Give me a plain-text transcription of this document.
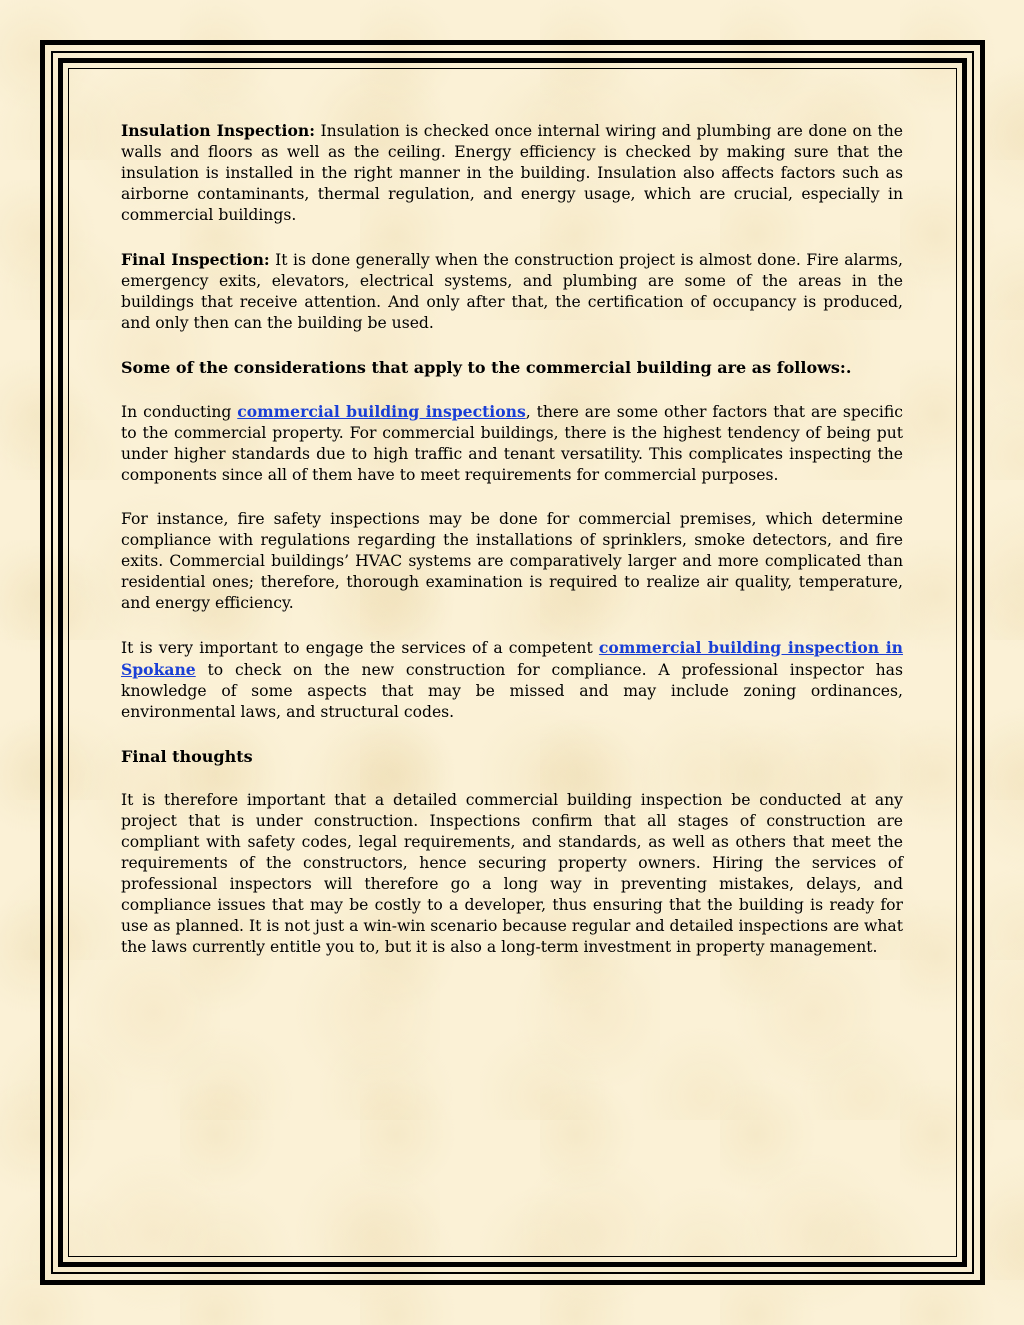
Insulation Inspection: Insulation is checked once internal wiring and plumbing are done on the walls and floors as well as the ceiling. Energy efficiency is checked by making sure that the insulation is installed in the right manner in the building. Insulation also affects factors such as airborne contaminants, thermal regulation, and energy usage, which are crucial, especially in commercial buildings.

Final Inspection: It is done generally when the construction project is almost done. Fire alarms, emergency exits, elevators, electrical systems, and plumbing are some of the areas in the buildings that receive attention. And only after that, the certification of occupancy is produced, and only then can the building be used.

Some of the considerations that apply to the commercial building are as follows:.

In conducting commercial building inspections, there are some other factors that are specific to the commercial property. For commercial buildings, there is the highest tendency of being put under higher standards due to high traffic and tenant versatility. This complicates inspecting the components since all of them have to meet requirements for commercial purposes.

For instance, fire safety inspections may be done for commercial premises, which determine compliance with regulations regarding the installations of sprinklers, smoke detectors, and fire exits. Commercial buildings’ HVAC systems are comparatively larger and more complicated than residential ones; therefore, thorough examination is required to realize air quality, temperature, and energy efficiency.

It is very important to engage the services of a competent commercial building inspection in Spokane to check on the new construction for compliance. A professional inspector has knowledge of some aspects that may be missed and may include zoning ordinances, environmental laws, and structural codes.

Final thoughts

It is therefore important that a detailed commercial building inspection be conducted at any project that is under construction. Inspections confirm that all stages of construction are compliant with safety codes, legal requirements, and standards, as well as others that meet the requirements of the constructors, hence securing property owners. Hiring the services of professional inspectors will therefore go a long way in preventing mistakes, delays, and compliance issues that may be costly to a developer, thus ensuring that the building is ready for use as planned. It is not just a win-win scenario because regular and detailed inspections are what the laws currently entitle you to, but it is also a long-term investment in property management.
